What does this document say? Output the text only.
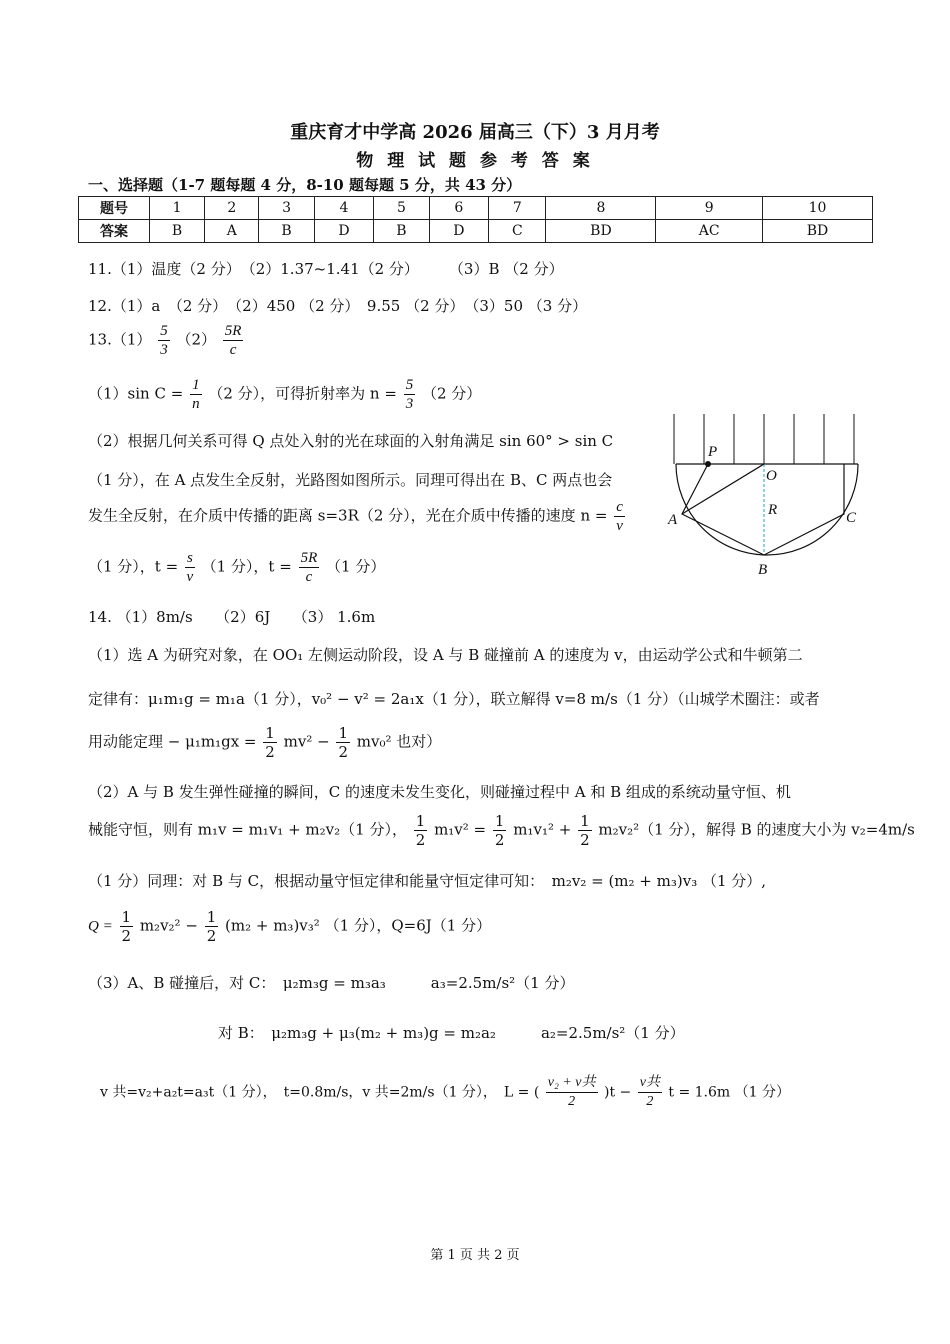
重庆育才中学高 2026 届高三（下）3 月月考
物 理 试 题 参 考 答 案
一、选择题（1-7 题每题 4 分，8-10 题每题 5 分，共 43 分）
题号	1	2	3	4	5	6	7	8	9	10
答案	B	A	B	D	B	D	C	BD	AC	BD
11.（1）温度（2 分）　（2）1.37~1.41（2 分）　　　（3）B （2 分）
12.（1）a　（2 分）　（2）450 （2 分）　9.55 （2 分）　（3）50 （3 分）
$13.(1) \frac{5}{3} (2) \frac{5R}{c}$
（1）sin $C = \frac{1}{n} (2$ 分），可得折射率为 $n = \frac{5}{3} (2$ 分）
（2）根据几何关系可得 Q 点处入射的光在球面的入射角满足 sin 60° > sin C
（1 分），在 A 点发生全反射，光路图如图所示。同理可得出在 B、C 两点也会
发生全反射，在介质中传播的距离 s=3R（2 分），光在介质中传播的速度 $n = \frac{c}{v}$
（1 分），$t = \frac{s}{v} (1$ 分），$t = \frac{5R}{c} (1$ 分）
P
O
R
A
B
C
14. （1）8m/s　　（2）6J　　（3） 1.6m
（1）选 A 为研究对象，在 OO₁ 左侧运动阶段，设 A 与 B 碰撞前 A 的速度为 v，由运动学公式和牛顿第二
定律有：μ₁m₁g = m₁a（1 分），v₀² − v² = 2a₁x（1 分），联立解得 v=8 m/s（1 分）（山城学术圈注：或者
用动能定理 − $\mu_1m_1gx = \frac{1}{2} mv^2 - \frac{1}{2} mv_0^2$ 也对）
（2）A 与 B 发生弹性碰撞的瞬间，C 的速度未发生变化，则碰撞过程中 A 和 B 组成的系统动量守恒、机
械能守恒，则有 m₁v = m₁v₁ + m₂v₂（1 分）， $\frac{1}{2} m_1v^2 = \frac{1}{2} m_1v_1^2 + \frac{1}{2} m_2v_2^2(1$ 分），解得 B 的速度大小为 v₂=4m/s
（1 分）同理：对 B 与 C，根据动量守恒定律和能量守恒定律可知：　m₂v₂ = (m₂ + m₃)v₃ （1 分）,
$Q = \frac{1}{2} m_2v_2^2 - \frac{1}{2} (m_2 + m_3)v_3^2$ （1 分），Q=6J（1 分）
（3）A、B 碰撞后，对 C：　μ₂m₃g = m₃a₃　　　a₃=2.5m/s²（1 分）
对 B：　μ₂m₃g + μ₃(m₂ + m₃)g = m₂a₂　　　a₂=2.5m/s²（1 分）
v 共=v₂+a₂t=a₃t（1 分），　t=0.8m/s，v 共=2m/s（1 分），　L = ( $\frac{\text{v₂ + v共}}{2} )t - \frac{\text{v共}}{2}$ t = 1.6m （1 分）
第 1 页 共 2 页
